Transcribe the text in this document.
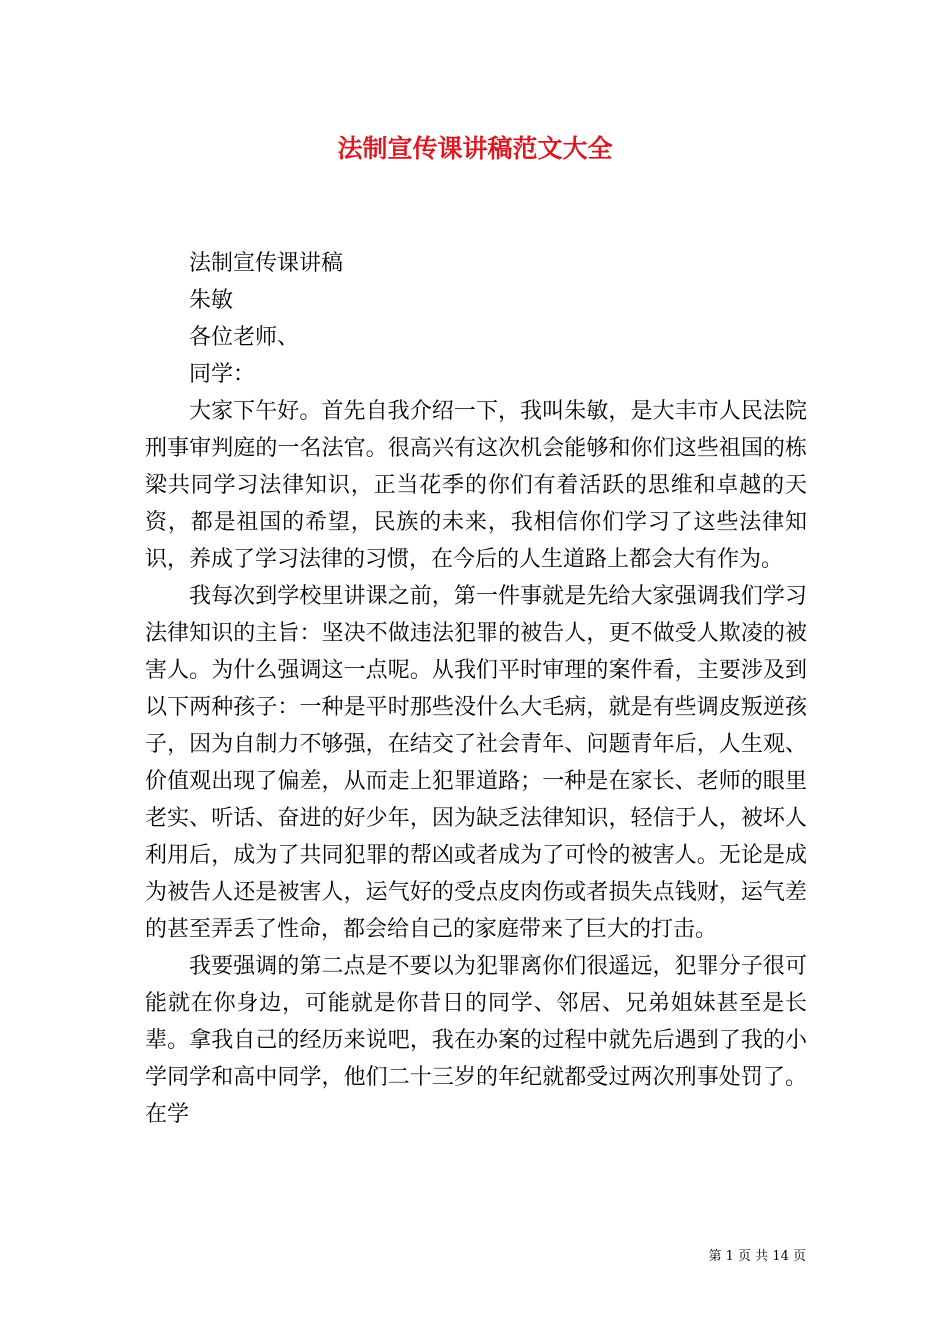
法制宣传课讲稿范文大全

法制宣传课讲稿

朱敏

各位老师、

同学：

大家下午好。首先自我介绍一下，我叫朱敏，是大丰市人民法院刑事审判庭的一名法官。很高兴有这次机会能够和你们这些祖国的栋梁共同学习法律知识，正当花季的你们有着活跃的思维和卓越的天资，都是祖国的希望，民族的未来，我相信你们学习了这些法律知识，养成了学习法律的习惯，在今后的人生道路上都会大有作为。

我每次到学校里讲课之前，第一件事就是先给大家强调我们学习法律知识的主旨：坚决不做违法犯罪的被告人，更不做受人欺凌的被害人。为什么强调这一点呢。从我们平时审理的案件看，主要涉及到以下两种孩子：一种是平时那些没什么大毛病，就是有些调皮叛逆孩子，因为自制力不够强，在结交了社会青年、问题青年后，人生观、价值观出现了偏差，从而走上犯罪道路；一种是在家长、老师的眼里老实、听话、奋进的好少年，因为缺乏法律知识，轻信于人，被坏人利用后，成为了共同犯罪的帮凶或者成为了可怜的被害人。无论是成为被告人还是被害人，运气好的受点皮肉伤或者损失点钱财，运气差的甚至弄丢了性命，都会给自己的家庭带来了巨大的打击。

我要强调的第二点是不要以为犯罪离你们很遥远，犯罪分子很可能就在你身边，可能就是你昔日的同学、邻居、兄弟姐妹甚至是长辈。拿我自己的经历来说吧，我在办案的过程中就先后遇到了我的小学同学和高中同学，他们二十三岁的年纪就都受过两次刑事处罚了。在学

第 1 页 共 14 页
